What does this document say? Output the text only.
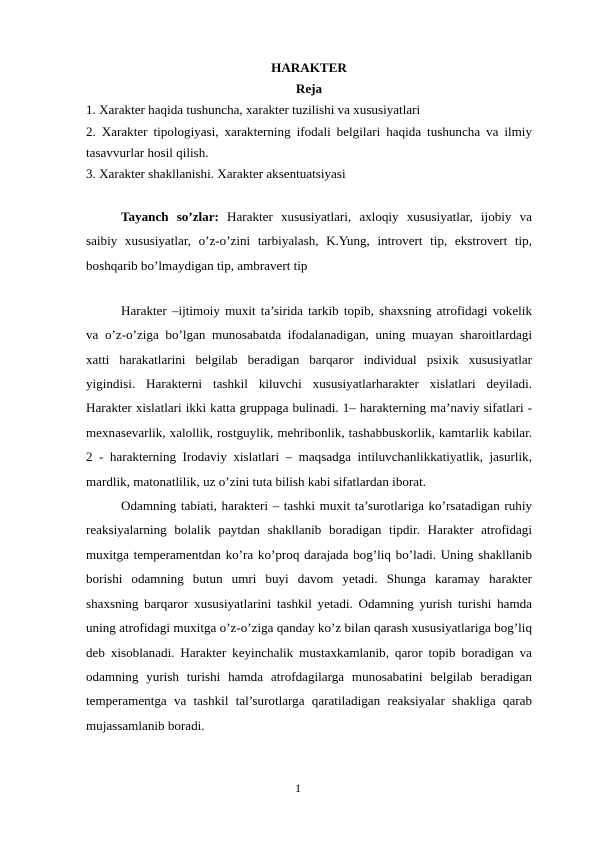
HARAKTER
Reja
1. Xarakter haqida tushuncha, xarakter tuzilishi va xususiyatlari
2. Xarakter tipologiyasi, xarakterning ifodali belgilari haqida tushuncha va ilmiy tasavvurlar hosil qilish.
3. Xarakter shakllanishi. Xarakter aksentuatsiyasi

Tayanch so’zlar: Harakter xususiyatlari, axloqiy xususiyatlar, ijobiy va saibiy xususiyatlar, o’z-o’zini tarbiyalash, K.Yung, introvert tip, ekstrovert tip, boshqarib bo’lmaydigan tip, ambravert tip

Harakter –ijtimoiy muxit ta’sirida tarkib topib, shaxsning atrofidagi vokelik va o’z-o’ziga bo’lgan munosabatda ifodalanadigan, uning muayan sharoitlardagi xatti harakatlarini belgilab beradigan barqaror individual psixik xususiyatlar yigindisi. Harakterni tashkil kiluvchi xususiyatlarharakter xislatlari deyiladi. Harakter xislatlari ikki katta gruppaga bulinadi. 1– harakterning ma’naviy sifatlari - mexnasevarlik, xalollik, rostguylik, mehribonlik, tashabbuskorlik, kamtarlik kabilar. 2 - harakterning Irodaviy xislatlari – maqsadga intiluvchanlikkatiyatlik, jasurlik, mardlik, matonatlilik, uz o’zini tuta bilish kabi sifatlardan iborat.

Odamning tabiati, harakteri – tashki muxit ta’surotlariga ko’rsatadigan ruhiy reaksiyalarning bolalik paytdan shakllanib boradigan tipdir. Harakter atrofidagi muxitga temperamentdan ko’ra ko’proq darajada bog’liq bo’ladi. Uning shakllanib borishi odamning butun umri buyi davom yetadi. Shunga karamay harakter shaxsning barqaror xususiyatlarini tashkil yetadi. Odamning yurish turishi hamda uning atrofidagi muxitga o’z-o’ziga qanday ko’z bilan qarash xususiyatlariga bog’liq deb xisoblanadi. Harakter keyinchalik mustaxkamlanib, qaror topib boradigan va odamning yurish turishi hamda atrofdagilarga munosabatini belgilab beradigan temperamentga va tashkil tal’surotlarga qaratiladigan reaksiyalar shakliga qarab mujassamlanib boradi.

1
